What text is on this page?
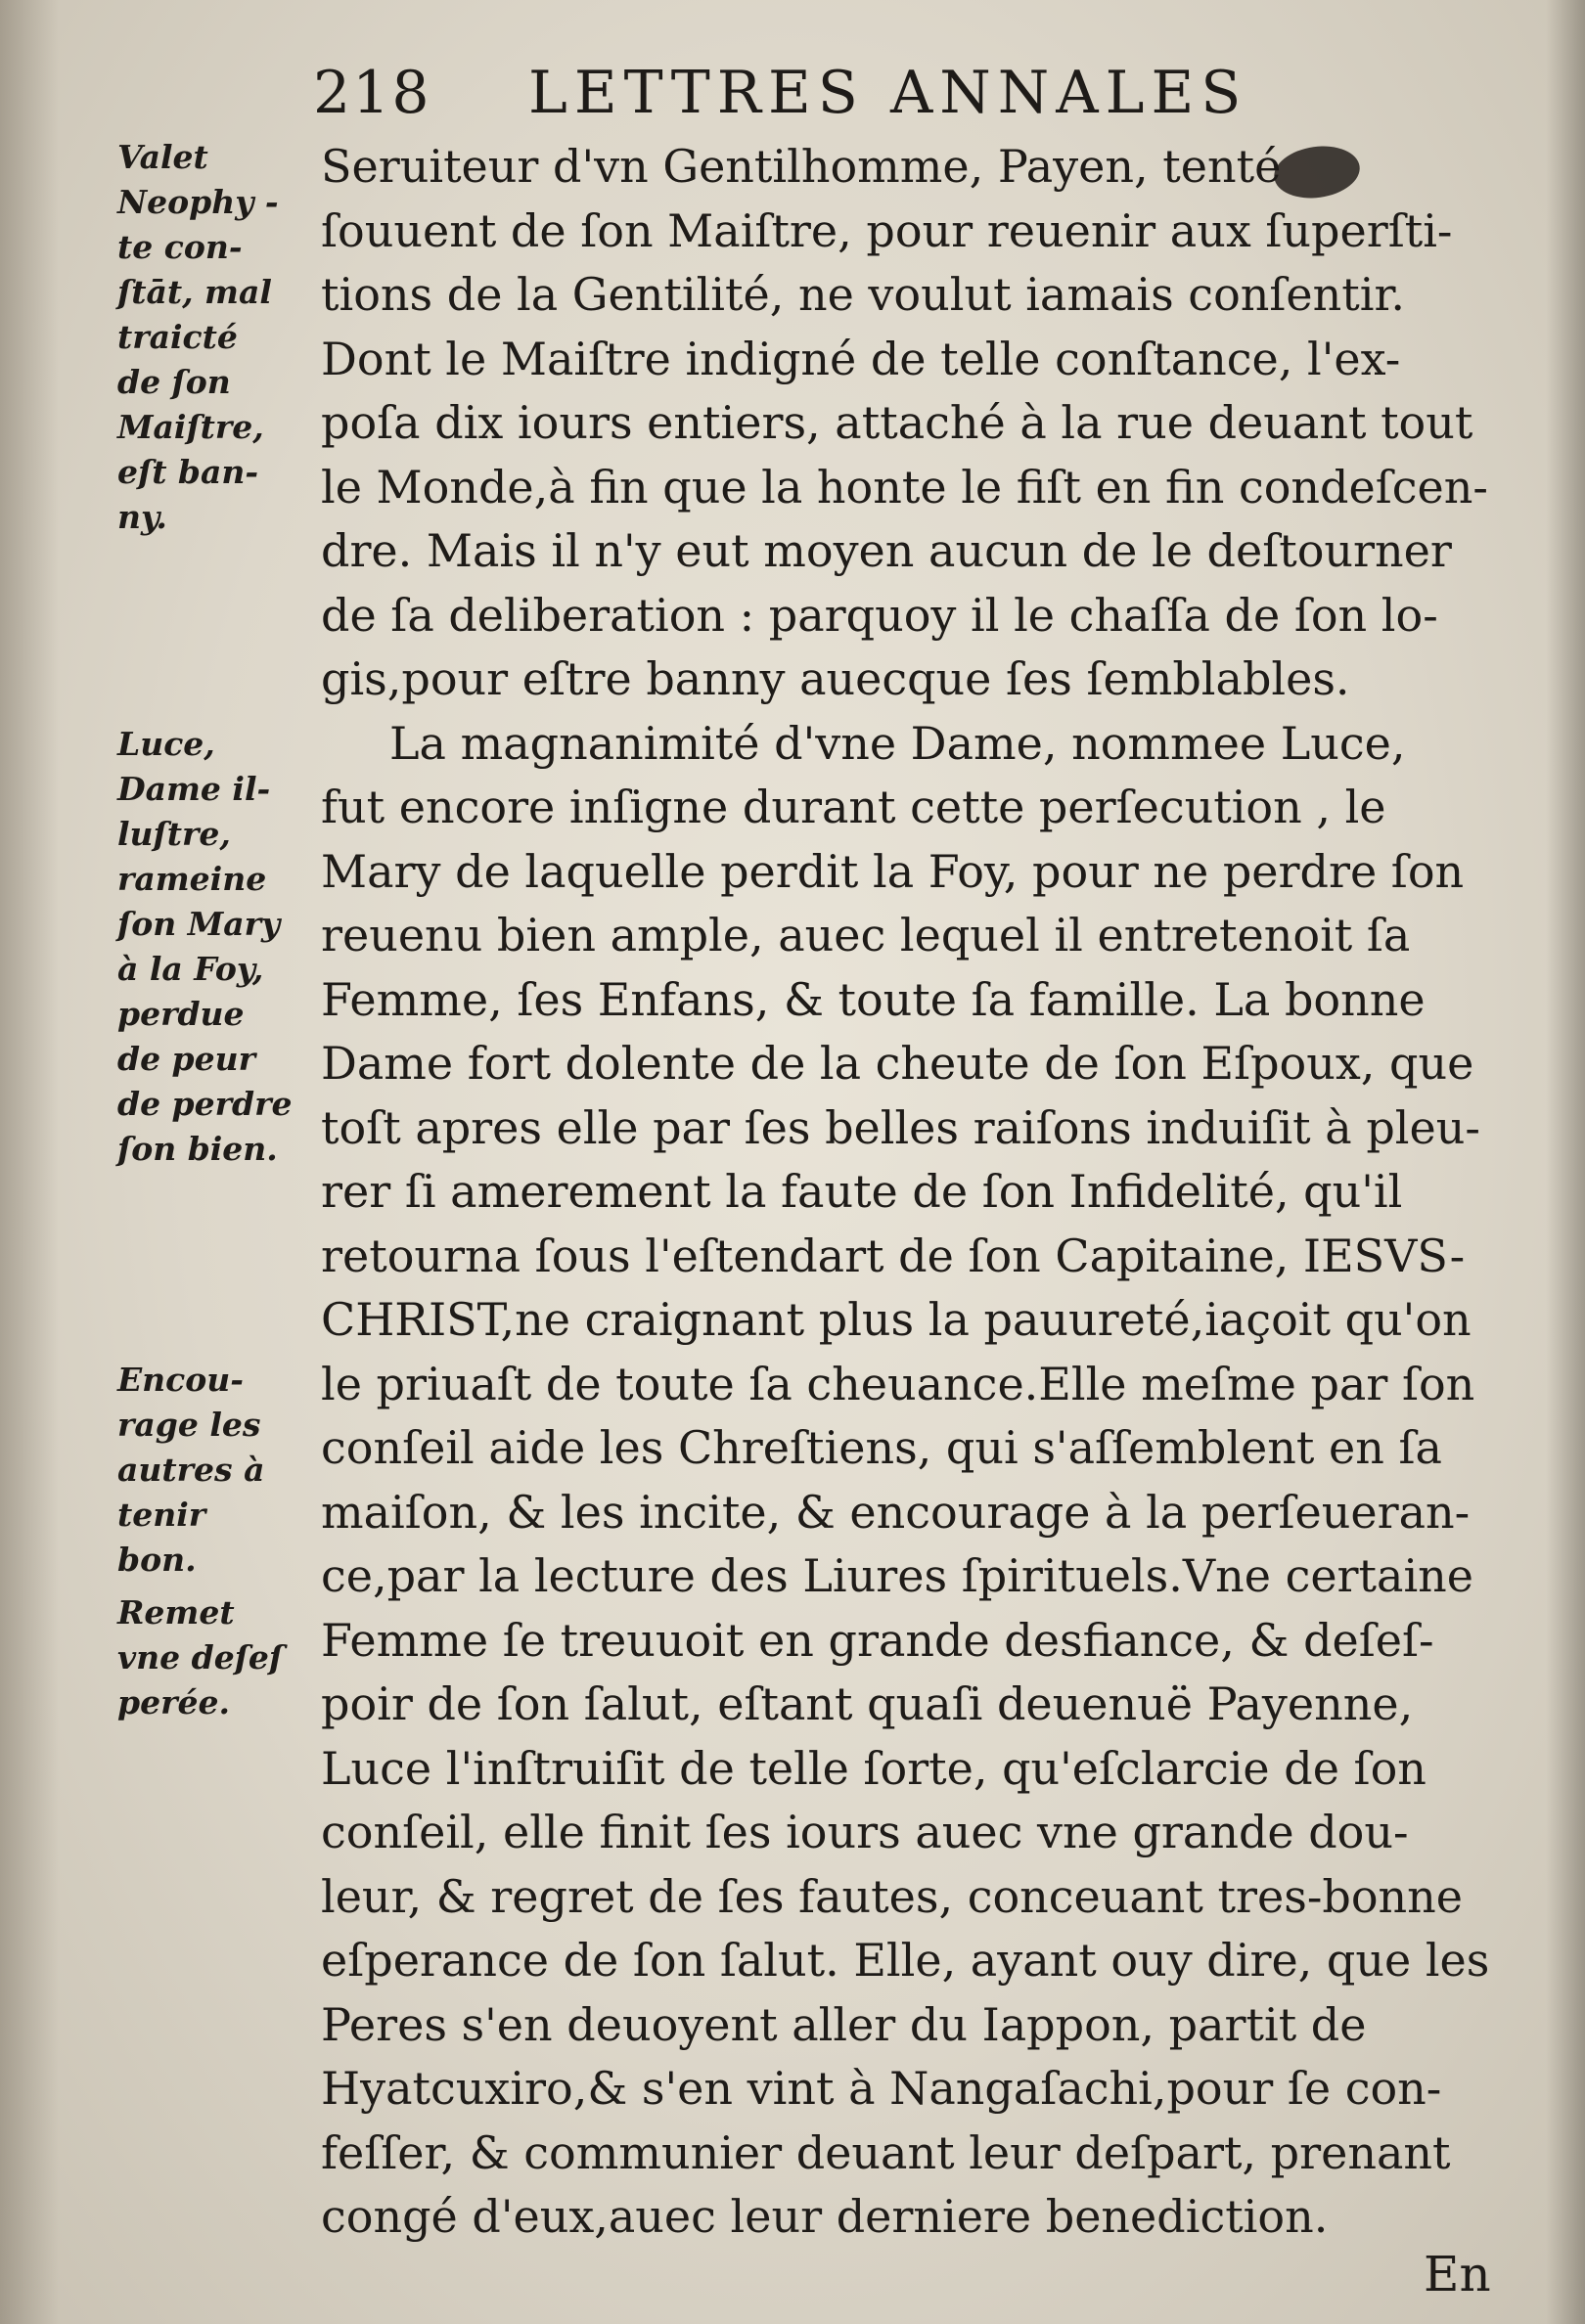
218 LETTRES ANNALES
Valet
Neophy -
te con-
ſtāt, mal
traicté
de ſon
Maiſtre,
eſt ban-
ny.
Luce,
Dame il-
luſtre,
rameine
ſon Mary
à la Foy,
perdue
de peur
de perdre
ſon bien.
Encou-
rage les
autres à
tenir
bon.
Remet
vne deſeſ
perée.
Seruiteur d'vn Gentilhomme, Payen, tenté
ſouuent de ſon Maiſtre, pour reuenir aux ſuperſti-
tions de la Gentilité, ne voulut iamais conſentir.
Dont le Maiſtre indigné de telle conſtance, l'ex-
poſa dix iours entiers, attaché à la rue deuant tout
le Monde,à fin que la honte le fiſt en fin condeſcen-
dre. Mais il n'y eut moyen aucun de le deſtourner
de ſa deliberation : parquoy il le chaſſa de ſon lo-
gis,pour eſtre banny auecque ſes ſemblables.
La magnanimité d'vne Dame, nommee Luce,
fut encore inſigne durant cette perſecution , le
Mary de laquelle perdit la Foy, pour ne perdre ſon
reuenu bien ample, auec lequel il entretenoit ſa
Femme, ſes Enfans, & toute ſa famille. La bonne
Dame fort dolente de la cheute de ſon Eſpoux, que
toſt apres elle par ſes belles raiſons induiſit à pleu-
rer ſi amerement la faute de ſon Infidelité, qu'il
retourna ſous l'eſtendart de ſon Capitaine, IESVS-
CHRIST,ne craignant plus la pauureté,iaçoit qu'on
le priuaſt de toute ſa cheuance.Elle meſme par ſon
conſeil aide les Chreſtiens, qui s'aſſemblent en ſa
maiſon, & les incite, & encourage à la perſeueran-
ce,par la lecture des Liures ſpirituels.Vne certaine
Femme ſe treuuoit en grande desfiance, & deſeſ-
poir de ſon ſalut, eſtant quaſi deuenuë Payenne,
Luce l'inſtruiſit de telle ſorte, qu'eſclarcie de ſon
conſeil, elle finit ſes iours auec vne grande dou-
leur, & regret de ſes fautes, conceuant tres-bonne
eſperance de ſon ſalut. Elle, ayant ouy dire, que les
Peres s'en deuoyent aller du Iappon, partit de
Hyatcuxiro,& s'en vint à Nangaſachi,pour ſe con-
feſſer, & communier deuant leur deſpart, prenant
congé d'eux,auec leur derniere benediction.
En
